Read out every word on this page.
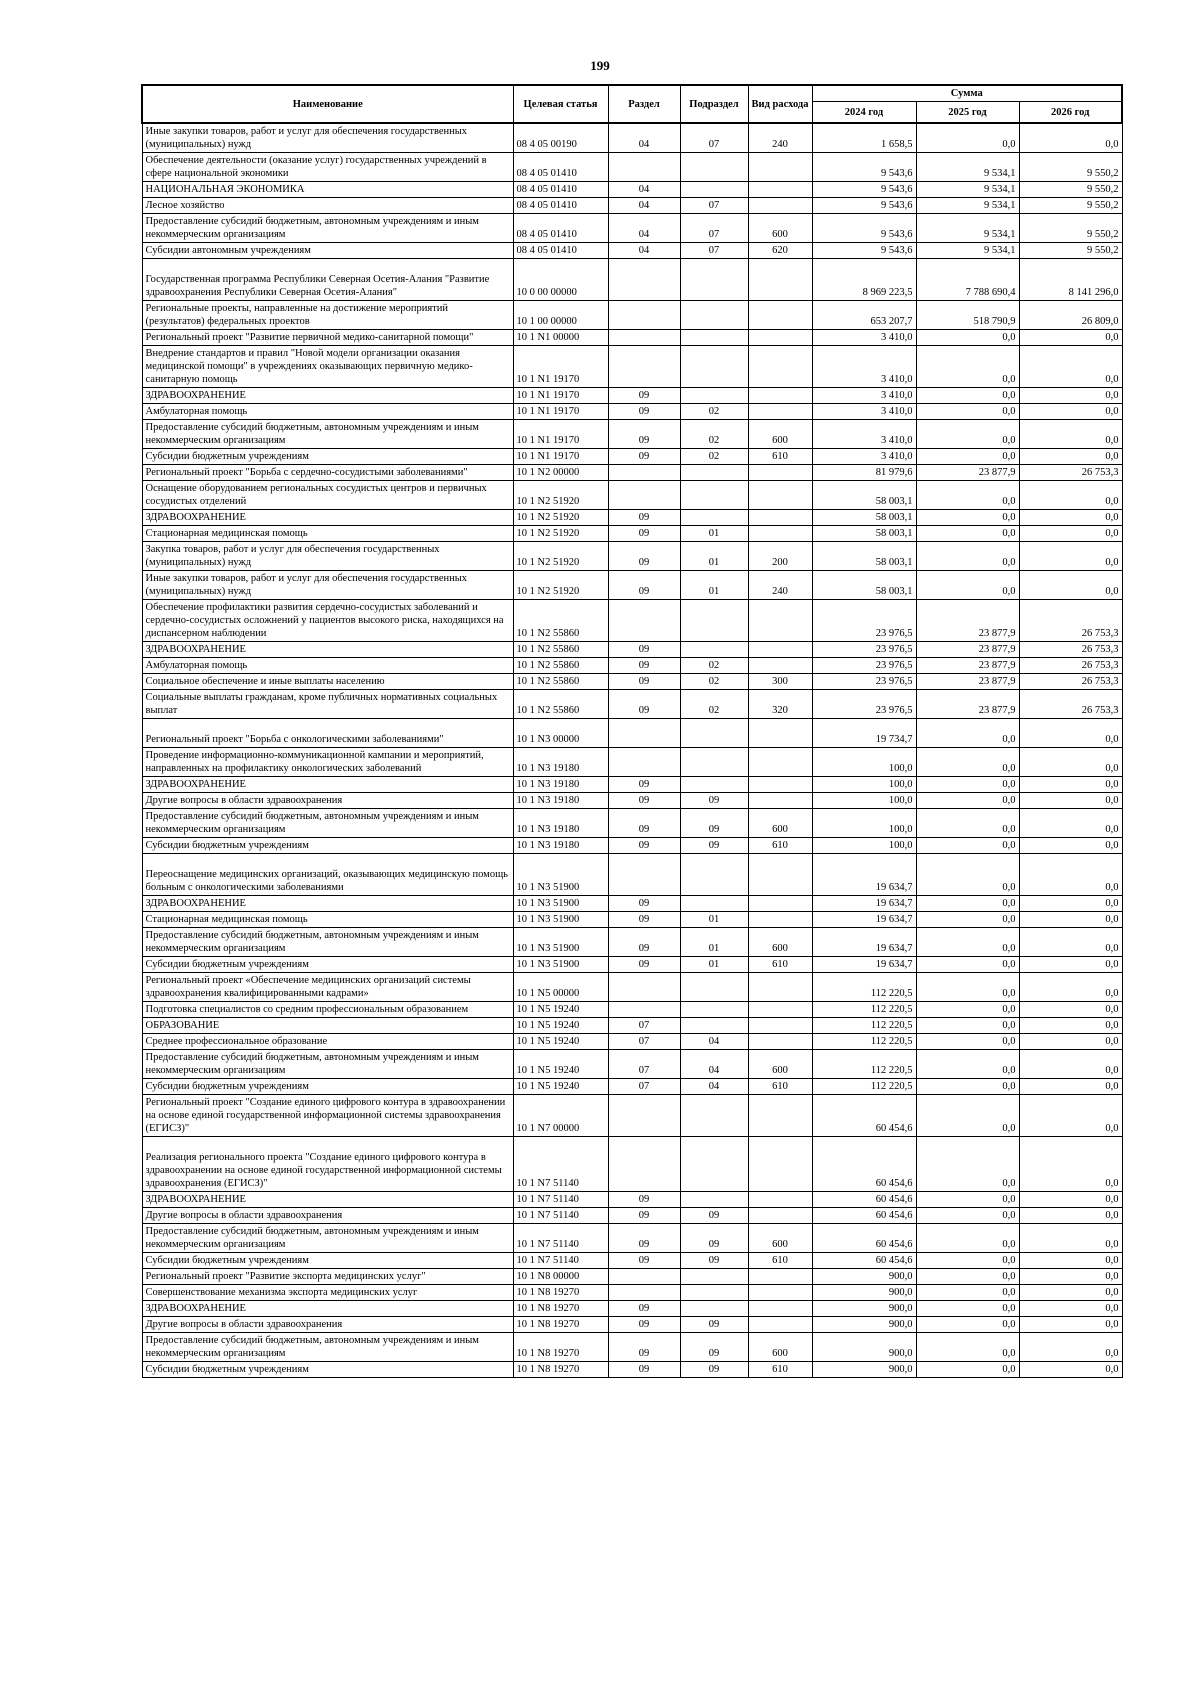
199
Наименование	Целевая статья	Раздел	Подраздел	Вид расхода	Сумма		
					2024 год	2025 год	2026 год
Иные закупки товаров, работ и услуг для обеспечения государственных (муниципальных) нужд	08 4 05 00190	04	07	240	1 658,5	0,0	0,0
Обеспечение деятельности (оказание услуг) государственных учреждений в сфере национальной экономики	08 4 05 01410				9 543,6	9 534,1	9 550,2
НАЦИОНАЛЬНАЯ ЭКОНОМИКА	08 4 05 01410	04			9 543,6	9 534,1	9 550,2
Лесное хозяйство	08 4 05 01410	04	07		9 543,6	9 534,1	9 550,2
Предоставление субсидий бюджетным, автономным учреждениям и иным некоммерческим организациям	08 4 05 01410	04	07	600	9 543,6	9 534,1	9 550,2
Субсидии автономным учреждениям	08 4 05 01410	04	07	620	9 543,6	9 534,1	9 550,2
Государственная программа Республики Северная Осетия-Алания "Развитие здравоохранения Республики Северная Осетия-Алания"	10 0 00 00000				8 969 223,5	7 788 690,4	8 141 296,0
Региональные проекты, направленные на достижение мероприятий (результатов) федеральных проектов	10 1 00 00000				653 207,7	518 790,9	26 809,0
Региональный проект "Развитие первичной медико-санитарной помощи"	10 1 N1 00000				3 410,0	0,0	0,0
Внедрение стандартов и правил "Новой модели организации оказания медицинской помощи" в учреждениях оказывающих первичную медико-санитарную помощь	10 1 N1 19170				3 410,0	0,0	0,0
ЗДРАВООХРАНЕНИЕ	10 1 N1 19170	09			3 410,0	0,0	0,0
Амбулаторная помощь	10 1 N1 19170	09	02		3 410,0	0,0	0,0
Предоставление субсидий бюджетным, автономным учреждениям и иным некоммерческим организациям	10 1 N1 19170	09	02	600	3 410,0	0,0	0,0
Субсидии бюджетным учреждениям	10 1 N1 19170	09	02	610	3 410,0	0,0	0,0
Региональный проект "Борьба с сердечно-сосудистыми заболеваниями"	10 1 N2 00000				81 979,6	23 877,9	26 753,3
Оснащение оборудованием региональных сосудистых центров и первичных сосудистых отделений	10 1 N2 51920				58 003,1	0,0	0,0
ЗДРАВООХРАНЕНИЕ	10 1 N2 51920	09			58 003,1	0,0	0,0
Стационарная медицинская помощь	10 1 N2 51920	09	01		58 003,1	0,0	0,0
Закупка товаров, работ и услуг для обеспечения государственных (муниципальных) нужд	10 1 N2 51920	09	01	200	58 003,1	0,0	0,0
Иные закупки товаров, работ и услуг для обеспечения государственных (муниципальных) нужд	10 1 N2 51920	09	01	240	58 003,1	0,0	0,0
Обеспечение профилактики развития сердечно-сосудистых заболеваний и сердечно-сосудистых осложнений у пациентов высокого риска, находящихся на диспансерном наблюдении	10 1 N2 55860				23 976,5	23 877,9	26 753,3
ЗДРАВООХРАНЕНИЕ	10 1 N2 55860	09			23 976,5	23 877,9	26 753,3
Амбулаторная помощь	10 1 N2 55860	09	02		23 976,5	23 877,9	26 753,3
Социальное обеспечение и иные выплаты населению	10 1 N2 55860	09	02	300	23 976,5	23 877,9	26 753,3
Социальные выплаты гражданам, кроме публичных нормативных социальных выплат	10 1 N2 55860	09	02	320	23 976,5	23 877,9	26 753,3
Региональный проект "Борьба с онкологическими заболеваниями"	10 1 N3 00000				19 734,7	0,0	0,0
Проведение информационно-коммуникационной кампании и мероприятий, направленных на профилактику онкологических заболеваний	10 1 N3 19180				100,0	0,0	0,0
ЗДРАВООХРАНЕНИЕ	10 1 N3 19180	09			100,0	0,0	0,0
Другие вопросы в области здравоохранения	10 1 N3 19180	09	09		100,0	0,0	0,0
Предоставление субсидий бюджетным, автономным учреждениям и иным некоммерческим организациям	10 1 N3 19180	09	09	600	100,0	0,0	0,0
Субсидии бюджетным учреждениям	10 1 N3 19180	09	09	610	100,0	0,0	0,0
Переоснащение медицинских организаций, оказывающих медицинскую помощь больным с онкологическими заболеваниями	10 1 N3 51900				19 634,7	0,0	0,0
ЗДРАВООХРАНЕНИЕ	10 1 N3 51900	09			19 634,7	0,0	0,0
Стационарная медицинская помощь	10 1 N3 51900	09	01		19 634,7	0,0	0,0
Предоставление субсидий бюджетным, автономным учреждениям и иным некоммерческим организациям	10 1 N3 51900	09	01	600	19 634,7	0,0	0,0
Субсидии бюджетным учреждениям	10 1 N3 51900	09	01	610	19 634,7	0,0	0,0
Региональный проект «Обеспечение медицинских организаций системы здравоохранения квалифицированными кадрами»	10 1 N5 00000				112 220,5	0,0	0,0
Подготовка специалистов со средним профессиональным образованием	10 1 N5 19240				112 220,5	0,0	0,0
ОБРАЗОВАНИЕ	10 1 N5 19240	07			112 220,5	0,0	0,0
Среднее профессиональное образование	10 1 N5 19240	07	04		112 220,5	0,0	0,0
Предоставление субсидий бюджетным, автономным учреждениям и иным некоммерческим организациям	10 1 N5 19240	07	04	600	112 220,5	0,0	0,0
Субсидии бюджетным учреждениям	10 1 N5 19240	07	04	610	112 220,5	0,0	0,0
Региональный проект "Создание единого цифрового контура в здравоохранении на основе единой государственной информационной системы здравоохранения (ЕГИСЗ)"	10 1 N7 00000				60 454,6	0,0	0,0
Реализация регионального проекта "Создание единого цифрового контура в здравоохранении на основе единой государственной информационной системы здравоохранения (ЕГИСЗ)"	10 1 N7 51140				60 454,6	0,0	0,0
ЗДРАВООХРАНЕНИЕ	10 1 N7 51140	09			60 454,6	0,0	0,0
Другие вопросы в области здравоохранения	10 1 N7 51140	09	09		60 454,6	0,0	0,0
Предоставление субсидий бюджетным, автономным учреждениям и иным некоммерческим организациям	10 1 N7 51140	09	09	600	60 454,6	0,0	0,0
Субсидии бюджетным учреждениям	10 1 N7 51140	09	09	610	60 454,6	0,0	0,0
Региональный проект "Развитие экспорта медицинских услуг"	10 1 N8 00000				900,0	0,0	0,0
Совершенствование механизма экспорта медицинских услуг	10 1 N8 19270				900,0	0,0	0,0
ЗДРАВООХРАНЕНИЕ	10 1 N8 19270	09			900,0	0,0	0,0
Другие вопросы в области здравоохранения	10 1 N8 19270	09	09		900,0	0,0	0,0
Предоставление субсидий бюджетным, автономным учреждениям и иным некоммерческим организациям	10 1 N8 19270	09	09	600	900,0	0,0	0,0
Субсидии бюджетным учреждениям	10 1 N8 19270	09	09	610	900,0	0,0	0,0
